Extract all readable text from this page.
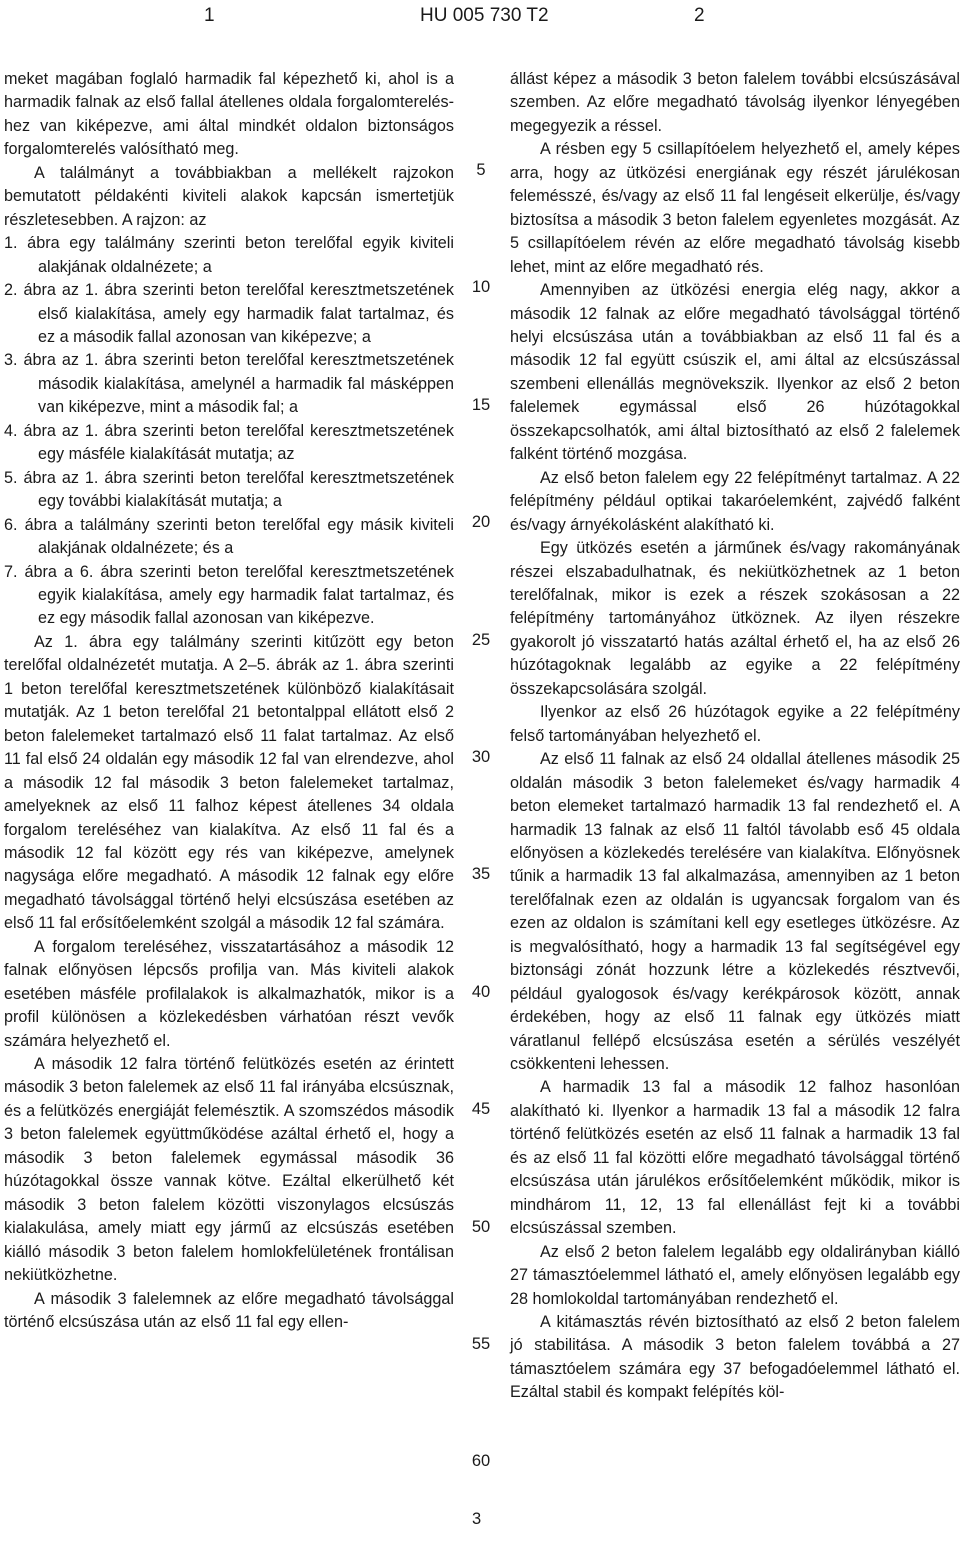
1	HU 005 730 T2	2

meket magában foglaló harmadik fal képezhető ki, ahol is a harmadik falnak az első fallal átellenes oldala forgalomtereléshez van kiképezve, ami által mindkét oldalon biztonságos forgalomterelés valósítható meg.

A találmányt a továbbiakban a mellékelt rajzokon bemutatott példakénti kiviteli alakok kapcsán ismertetjük részletesebben. A rajzon: az

1. ábra egy találmány szerinti beton terelőfal egyik kiviteli alakjának oldalnézete; a

2. ábra az 1. ábra szerinti beton terelőfal keresztmetszetének első kialakítása, amely egy harmadik falat tartalmaz, és ez a második fallal azonosan van kiképezve; a

3. ábra az 1. ábra szerinti beton terelőfal keresztmetszetének második kialakítása, amelynél a harmadik fal másképpen van kiképezve, mint a második fal; a

4. ábra az 1. ábra szerinti beton terelőfal keresztmetszetének egy másféle kialakítását mutatja; az

5. ábra az 1. ábra szerinti beton terelőfal keresztmetszetének egy további kialakítását mutatja; a

6. ábra a találmány szerinti beton terelőfal egy másik kiviteli alakjának oldalnézete; és a

7. ábra a 6. ábra szerinti beton terelőfal keresztmetszetének egyik kialakítása, amely egy harmadik falat tartalmaz, és ez egy második fallal azonosan van kiképezve.

Az 1. ábra egy találmány szerinti kitűzött egy beton terelőfal oldalnézetét mutatja. A 2–5. ábrák az 1. ábra szerinti 1 beton terelőfal keresztmetszetének különböző kialakításait mutatják. Az 1 beton terelőfal 21 betontalppal ellátott első 2 beton falelemeket tartalmazó első 11 falat tartalmaz. Az első 11 fal első 24 oldalán egy második 12 fal van elrendezve, ahol a második 12 fal második 3 beton falelemeket tartalmaz, amelyeknek az első 11 falhoz képest átellenes 34 oldala forgalom tereléséhez van kialakítva. Az első 11 fal és a második 12 fal között egy rés van kiképezve, amelynek nagysága előre megadható. A második 12 falnak egy előre megadható távolsággal történő helyi elcsúszása esetében az első 11 fal erősítőelemként szolgál a második 12 fal számára.

A forgalom tereléséhez, visszatartásához a második 12 falnak előnyösen lépcsős profilja van. Más kiviteli alakok esetében másféle profilalakok is alkalmazhatók, mikor is a profil különösen a közlekedésben várhatóan részt vevők számára helyezhető el.

A második 12 falra történő felütközés esetén az érintett második 3 beton falelemek az első 11 fal irányába elcsúsznak, és a felütközés energiáját felemésztik. A szomszédos második 3 beton falelemek együttműködése azáltal érhető el, hogy a második 3 beton falelemek egymással második 36 húzótagokkal össze vannak kötve. Ezáltal elkerülhető két második 3 beton falelem közötti viszonylagos elcsúszás kialakulása, amely miatt egy jármű az elcsúszás esetében kiálló második 3 beton falelem homlokfelületének frontálisan nekiütközhetne.

A második 3 falelemnek az előre megadható távolsággal történő elcsúszása után az első 11 fal egy ellen-

5
10
15
20
25
30
35
40
45
50
55
60

állást képez a második 3 beton falelem további elcsúszásával szemben. Az előre megadható távolság ilyenkor lényegében megegyezik a réssel.

A résben egy 5 csillapítóelem helyezhető el, amely képes arra, hogy az ütközési energiának egy részét járulékosan felemésszé, és/vagy az első 11 fal lengéseit elkerülje, és/vagy biztosítsa a második 3 beton falelem egyenletes mozgását. Az 5 csillapítóelem révén az előre megadható távolság kisebb lehet, mint az előre megadható rés.

Amennyiben az ütközési energia elég nagy, akkor a második 12 falnak az előre megadható távolsággal történő helyi elcsúszása után a továbbiakban az első 11 fal és a második 12 fal együtt csúszik el, ami által az elcsúszással szembeni ellenállás megnövekszik. Ilyenkor az első 2 beton falelemek egymással első 26 húzótagokkal összekapcsolhatók, ami által biztosítható az első 2 falelemek falként történő mozgása.

Az első beton falelem egy 22 felépítményt tartalmaz. A 22 felépítmény például optikai takaróelemként, zajvédő falként és/vagy árnyékolásként alakítható ki.

Egy ütközés esetén a járműnek és/vagy rakományának részei elszabadulhatnak, és nekiütközhetnek az 1 beton terelőfalnak, mikor is ezek a részek szokásosan a 22 felépítmény tartományához ütköznek. Az ilyen részekre gyakorolt jó visszatartó hatás azáltal érhető el, ha az első 26 húzótagoknak legalább az egyike a 22 felépítmény összekapcsolására szolgál.

Ilyenkor az első 26 húzótagok egyike a 22 felépítmény felső tartományában helyezhető el.

Az első 11 falnak az első 24 oldallal átellenes második 25 oldalán második 3 beton falelemeket és/vagy harmadik 4 beton elemeket tartalmazó harmadik 13 fal rendezhető el. A harmadik 13 falnak az első 11 faltól távolabb eső 45 oldala előnyösen a közlekedés terelésére van kialakítva. Előnyösnek tűnik a harmadik 13 fal alkalmazása, amennyiben az 1 beton terelőfalnak ezen az oldalán is ugyancsak forgalom van és ezen az oldalon is számítani kell egy esetleges ütközésre. Az is megvalósítható, hogy a harmadik 13 fal segítségével egy biztonsági zónát hozzunk létre a közlekedés résztvevői, például gyalogosok és/vagy kerékpárosok között, annak érdekében, hogy az első 11 falnak egy ütközés miatt váratlanul fellépő elcsúszása esetén a sérülés veszélyét csökkenteni lehessen.

A harmadik 13 fal a második 12 falhoz hasonlóan alakítható ki. Ilyenkor a harmadik 13 fal a második 12 falra történő felütközés esetén az első 11 falnak a harmadik 13 fal és az első 11 fal közötti előre megadható távolsággal történő elcsúszása után járulékos erősítőelemként működik, mikor is mindhárom 11, 12, 13 fal ellenállást fejt ki a további elcsúszással szemben.

Az első 2 beton falelem legalább egy oldalirányban kiálló 27 támasztóelemmel látható el, amely előnyösen legalább egy 28 homlokoldal tartományában rendezhető el.

A kitámasztás révén biztosítható az első 2 beton falelem jó stabilitása. A második 3 beton falelem továbbá a 27 támasztóelem számára egy 37 befogadóelemmel látható el. Ezáltal stabil és kompakt felépítés köl-

3
